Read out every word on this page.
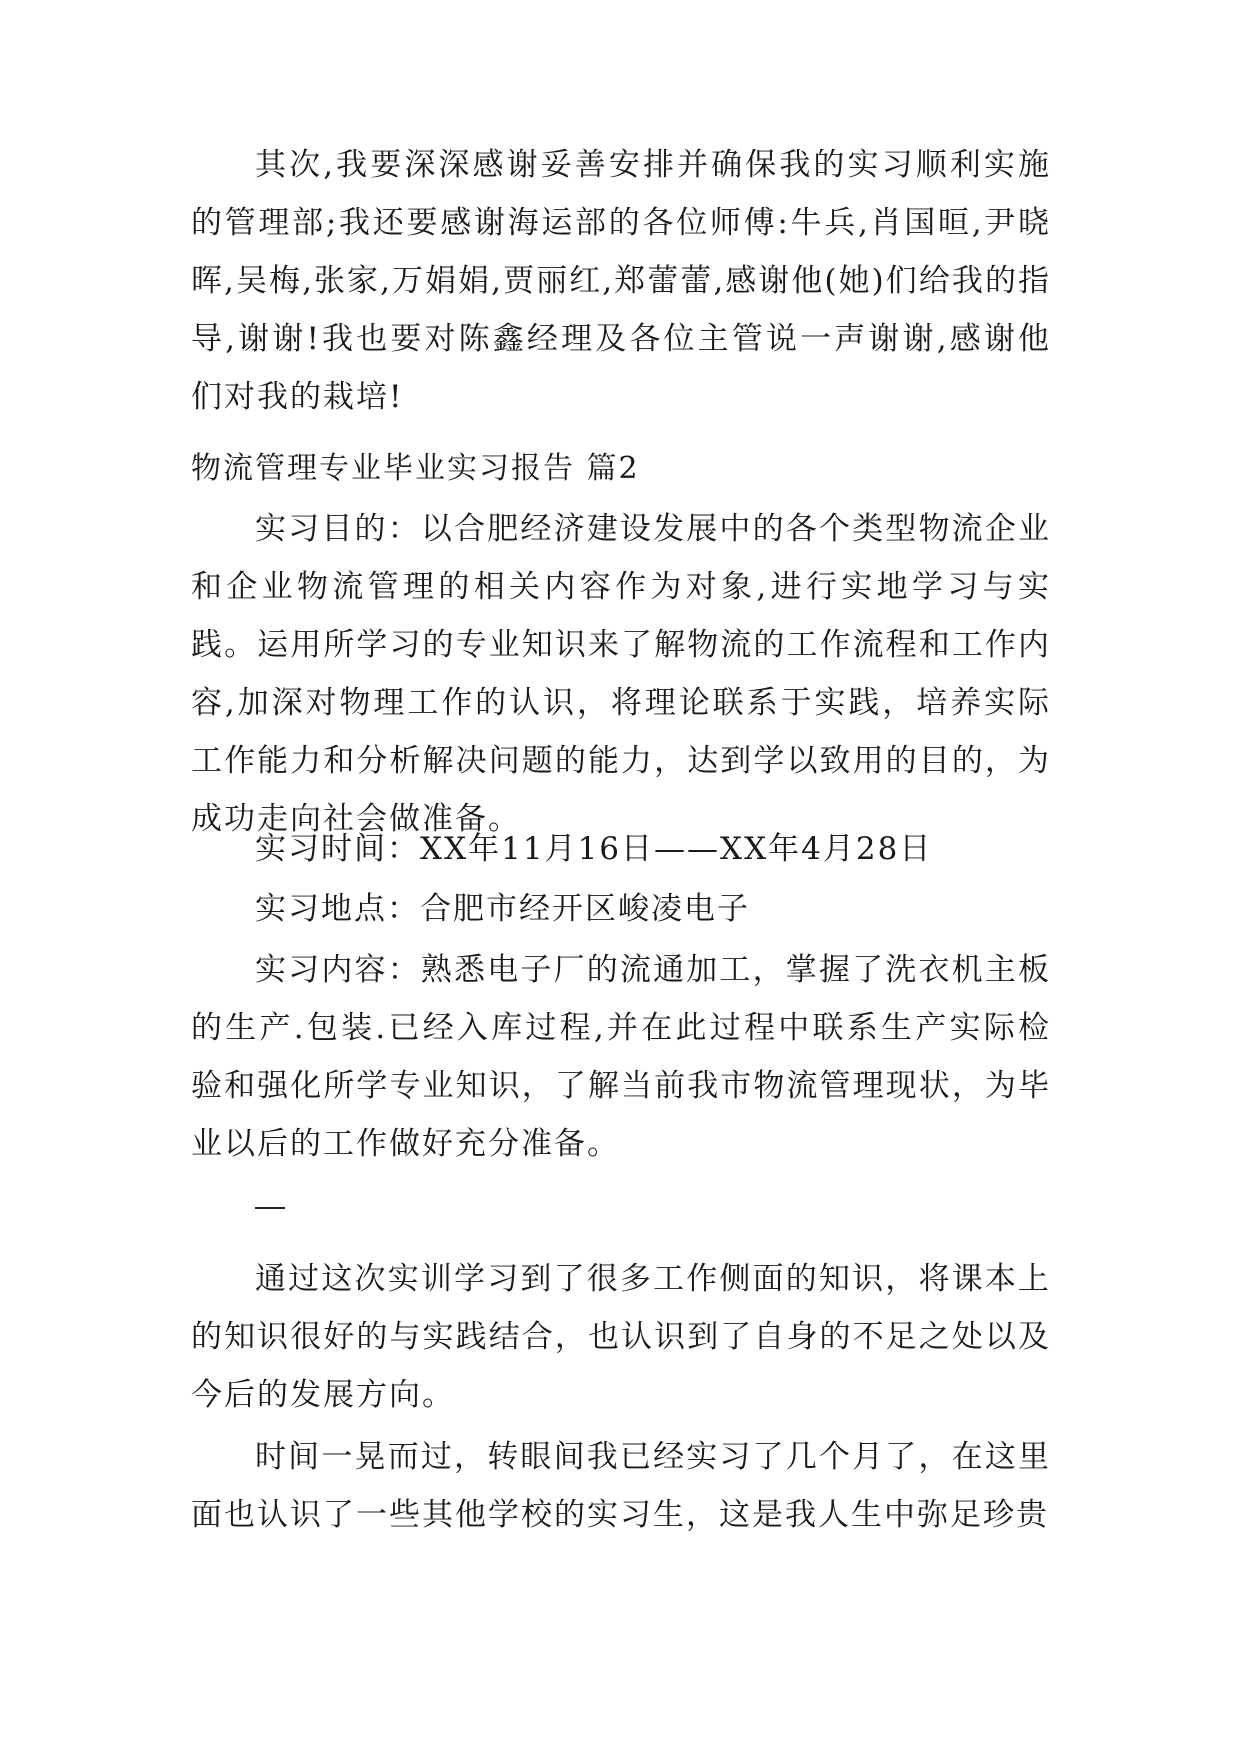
其次,我要深深感谢妥善安排并确保我的实习顺利实施的管理部;我还要感谢海运部的各位师傅:牛兵,肖国晅,尹晓晖,吴梅,张家,万娟娟,贾丽红,郑蕾蕾,感谢他(她)们给我的指导,谢谢!我也要对陈鑫经理及各位主管说一声谢谢,感谢他们对我的栽培!

物流管理专业毕业实习报告 篇2

实习目的：以合肥经济建设发展中的各个类型物流企业和企业物流管理的相关内容作为对象,进行实地学习与实践。运用所学习的专业知识来了解物流的工作流程和工作内容,加深对物理工作的认识，将理论联系于实践，培养实际工作能力和分析解决问题的能力，达到学以致用的目的，为成功走向社会做准备。

实习时间：XX年11月16日——XX年4月28日

实习地点：合肥市经开区峻凌电子

实习内容：熟悉电子厂的流通加工，掌握了洗衣机主板的生产.包装.已经入库过程,并在此过程中联系生产实际检验和强化所学专业知识，了解当前我市物流管理现状，为毕业以后的工作做好充分准备。

通过这次实训学习到了很多工作侧面的知识，将课本上的知识很好的与实践结合，也认识到了自身的不足之处以及今后的发展方向。

时间一晃而过，转眼间我已经实习了几个月了，在这里面也认识了一些其他学校的实习生，这是我人生中弥足珍贵
